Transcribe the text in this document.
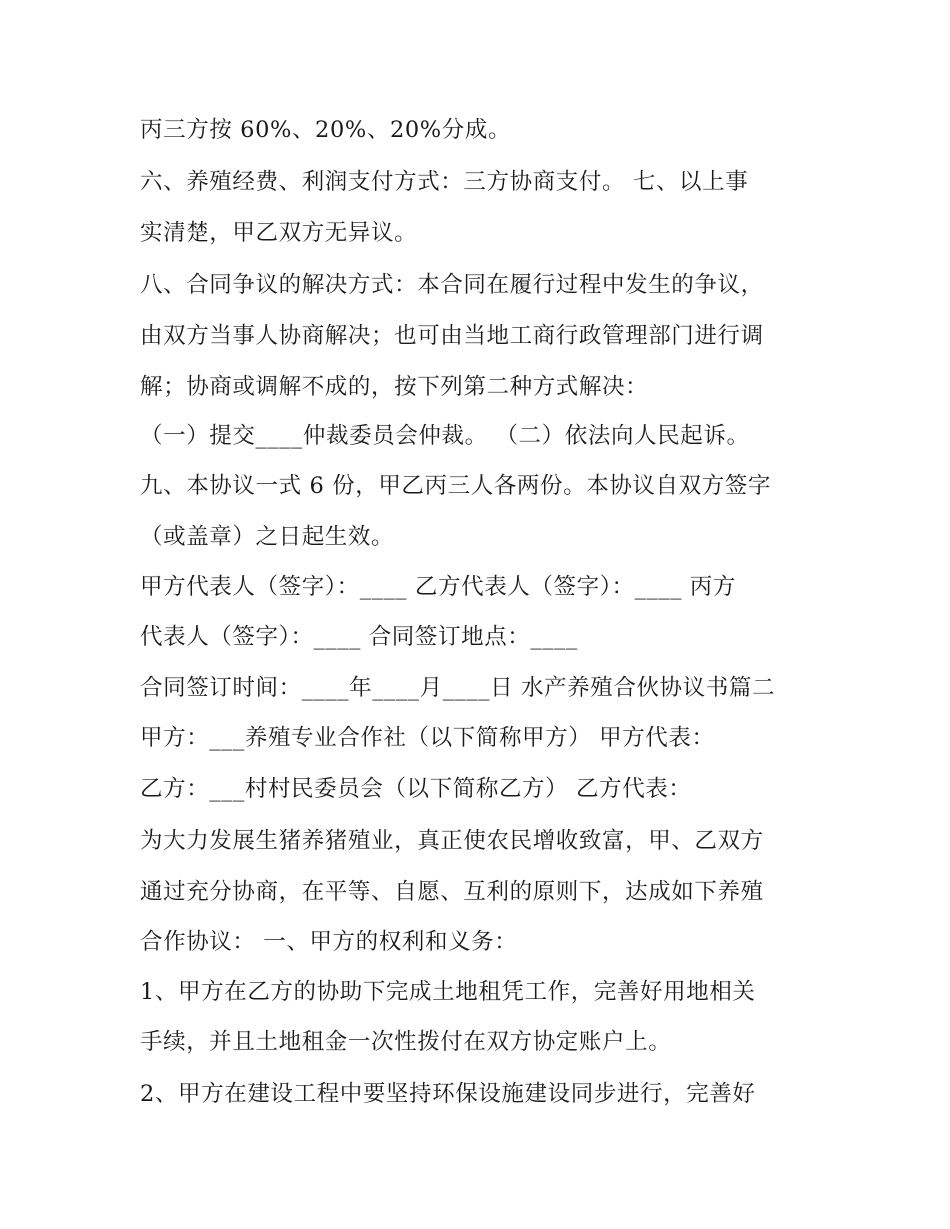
丙三方按 60%、20%、20%分成。
六、养殖经费、利润支付方式：三方协商支付。 七、以上事
实清楚，甲乙双方无异议。
八、合同争议的解决方式：本合同在履行过程中发生的争议，
由双方当事人协商解决；也可由当地工商行政管理部门进行调
解；协商或调解不成的，按下列第二种方式解决：
（一）提交____仲裁委员会仲裁。 （二）依法向人民起诉。
九、本协议一式 6 份，甲乙丙三人各两份。本协议自双方签字
（或盖章）之日起生效。
甲方代表人（签字）：____ 乙方代表人（签字）：____ 丙方
代表人（签字）：____ 合同签订地点：____
合同签订时间：____年____月____日 水产养殖合伙协议书篇二
甲方：___养殖专业合作社（以下简称甲方） 甲方代表：
乙方：___村村民委员会（以下简称乙方） 乙方代表：
为大力发展生猪养猪殖业，真正使农民增收致富，甲、乙双方
通过充分协商，在平等、自愿、互利的原则下，达成如下养殖
合作协议： 一、甲方的权利和义务：
1、甲方在乙方的协助下完成土地租凭工作，完善好用地相关
手续，并且土地租金一次性拨付在双方协定账户上。
2、甲方在建设工程中要坚持环保设施建设同步进行，完善好
